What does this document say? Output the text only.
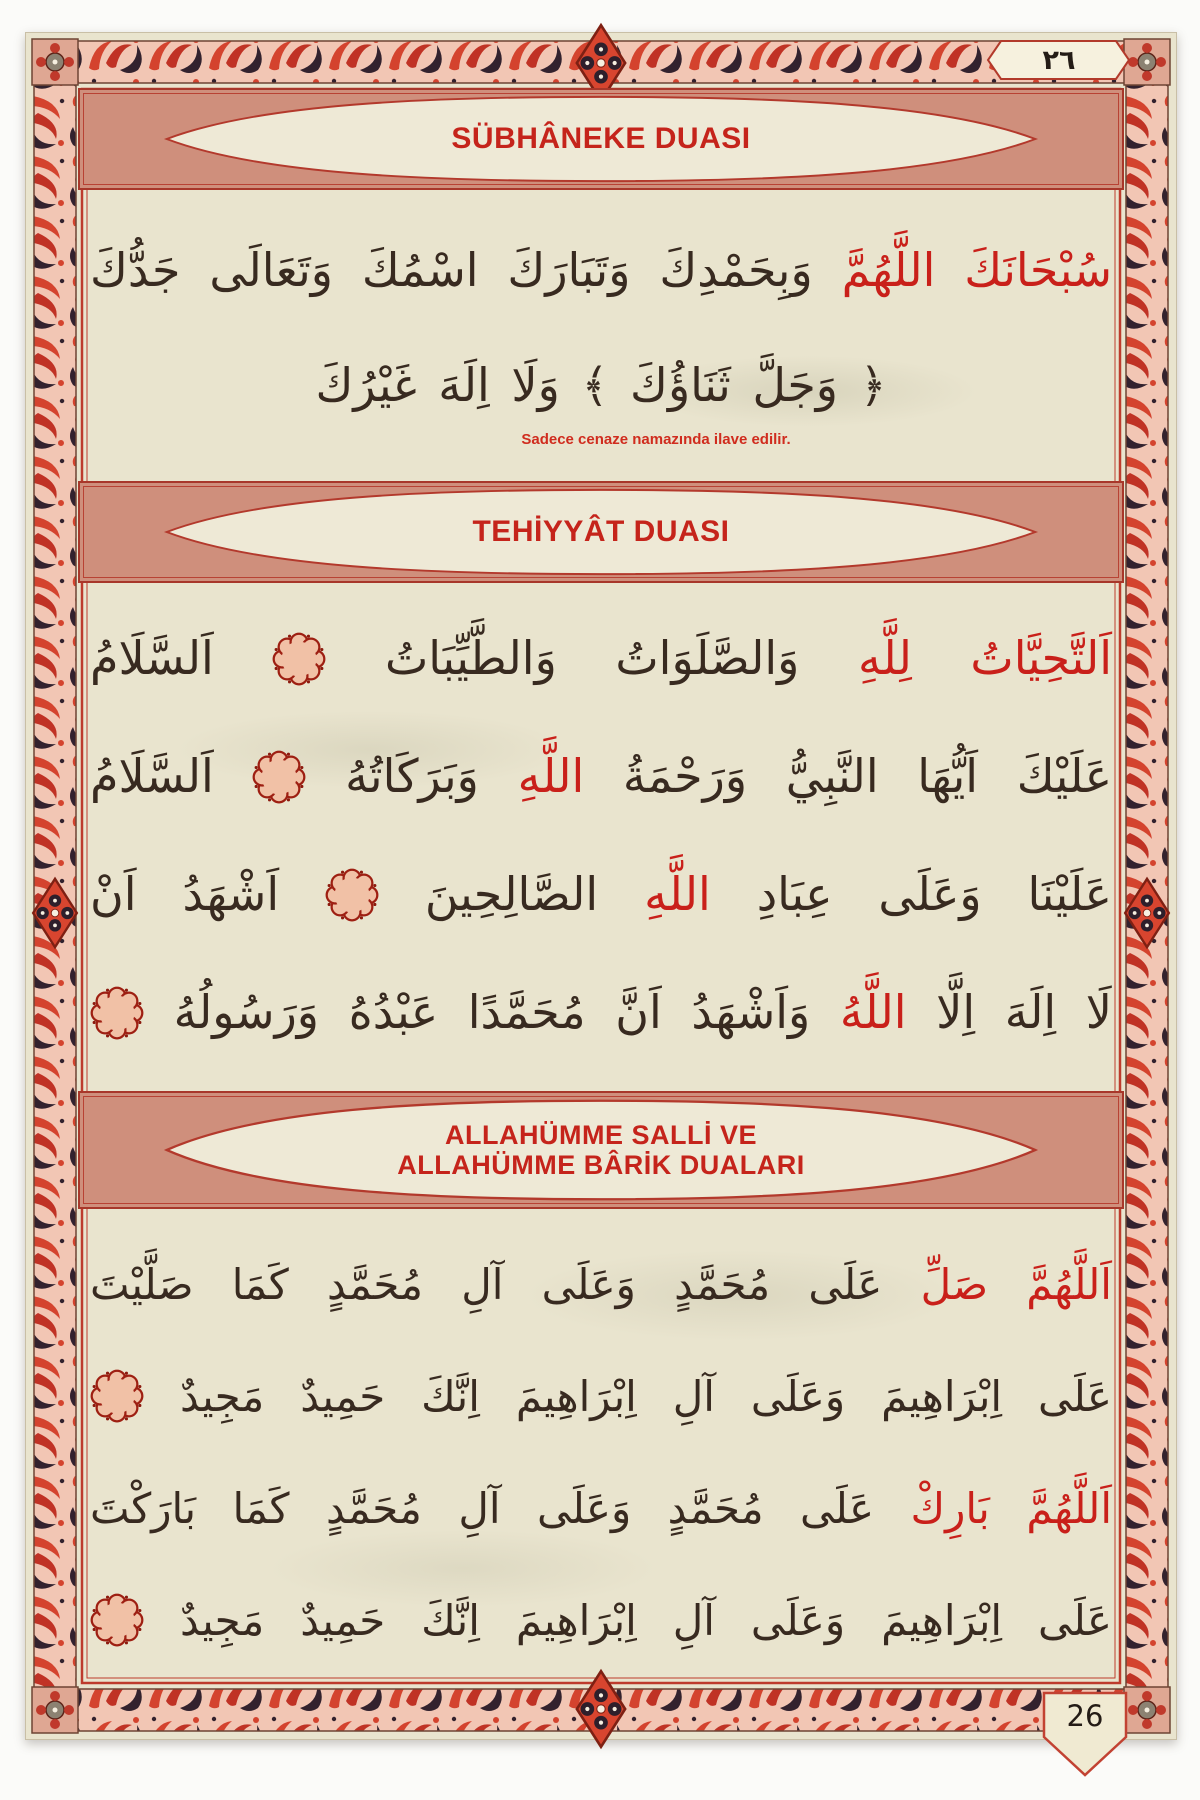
٢٦
26
SÜBHÂNEKE DUASI
سُبْحَانَكَ اللَّهُمَّ وَبِحَمْدِكَ وَتَبَارَكَ اسْمُكَ وَتَعَالَى جَدُّكَ
﴿ وَجَلَّ ثَنَاؤُكَ ﴾ وَلَا اِلَهَ غَيْرُكَ
Sadece cenaze namazında ilave edilir.
TEHİYYÂT DUASI
اَلتَّحِيَّاتُ لِلَّهِ وَالصَّلَوَاتُ وَالطَّيِّبَاتُ  اَلسَّلَامُ
عَلَيْكَ اَيُّهَا النَّبِيُّ وَرَحْمَةُ اللَّهِ وَبَرَكَاتُهُ  اَلسَّلَامُ
عَلَيْنَا وَعَلَى عِبَادِ اللَّهِ الصَّالِحِينَ  اَشْهَدُ اَنْ
لَا اِلَهَ اِلَّا اللَّهُ وَاَشْهَدُ اَنَّ مُحَمَّدًا عَبْدُهُ وَرَسُولُهُ
ALLAHÜMME SALLİ VE
ALLAHÜMME BÂRİK DUALARI
اَللَّهُمَّ صَلِّ عَلَى مُحَمَّدٍ وَعَلَى آلِ مُحَمَّدٍ كَمَا صَلَّيْتَ
عَلَى اِبْرَاهِيمَ وَعَلَى آلِ اِبْرَاهِيمَ اِنَّكَ حَمِيدٌ مَجِيدٌ
اَللَّهُمَّ بَارِكْ عَلَى مُحَمَّدٍ وَعَلَى آلِ مُحَمَّدٍ كَمَا بَارَكْتَ
عَلَى اِبْرَاهِيمَ وَعَلَى آلِ اِبْرَاهِيمَ اِنَّكَ حَمِيدٌ مَجِيدٌ
